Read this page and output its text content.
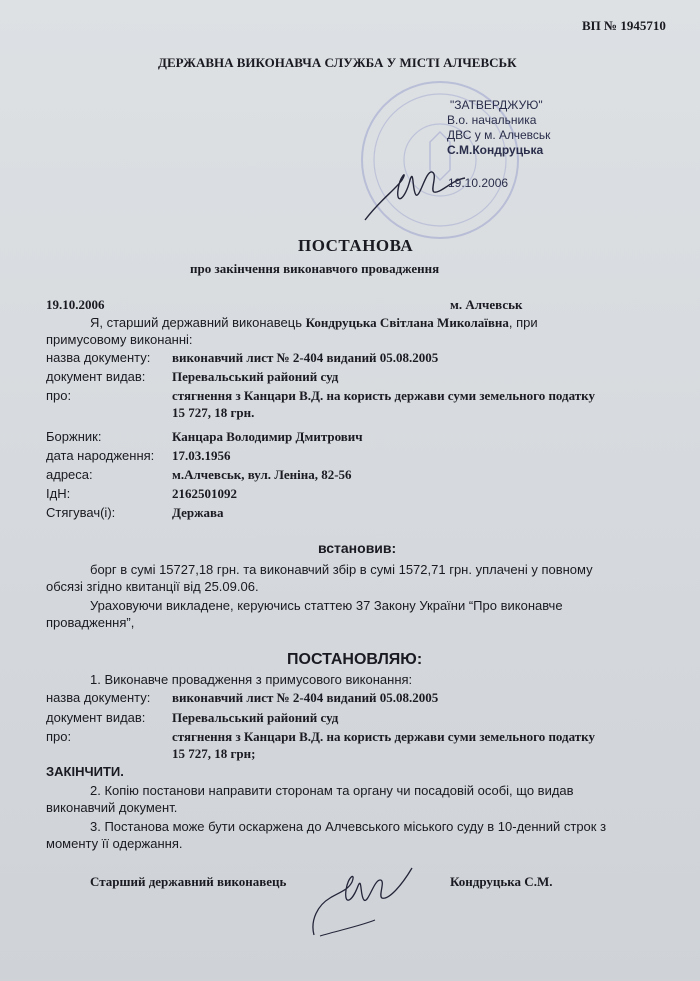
ВП № 1945710
ДЕРЖАВНА ВИКОНАВЧА СЛУЖБА У МІСТІ АЛЧЕВСЬК
"ЗАТВЕРДЖУЮ"
В.о. начальника
ДВС у м. Алчевськ
С.М.Кондруцька
19.10.2006
ПОСТАНОВА
про закінчення виконавчого провадження
19.10.2006	м. Алчевськ
Я, старший державний виконавець Кондруцька Світлана Миколаївна, при
примусовому виконанні:
назва документу: виконавчий лист № 2-404 виданий 05.08.2005
документ видав: Перевальський районий суд
про:	стягнення з Канцари В.Д. на користь держави суми земельного податку
15 727, 18 грн.
Боржник:	Канцара Володимир Дмитрович
дата народження: 17.03.1956
адреса:	м.Алчевськ, вул. Леніна, 82-56
ІдН:	2162501092
Стягувач(і):	Держава
встановив:
борг в сумі 15727,18 грн. та виконавчий збір в сумі 1572,71 грн. уплачені у повному
обсязі згідно квитанції від 25.09.06.
Ураховуючи викладене, керуючись статтею 37 Закону України “Про виконавче
провадження”,
ПОСТАНОВЛЯЮ:
1. Виконавче провадження з примусового виконання:
назва документу: виконавчий лист № 2-404 виданий 05.08.2005
документ видав: Перевальський районий суд
про:	стягнення з Канцари В.Д. на користь держави суми земельного податку
15 727, 18 грн;
ЗАКІНЧИТИ.
2. Копію постанови направити сторонам та органу чи посадовій особі, що видав
виконавчий документ.
3. Постанова може бути оскаржена до Алчевського міського суду в 10-денний строк з
моменту її одержання.
Старший державний виконавець	Кондруцька С.М.
